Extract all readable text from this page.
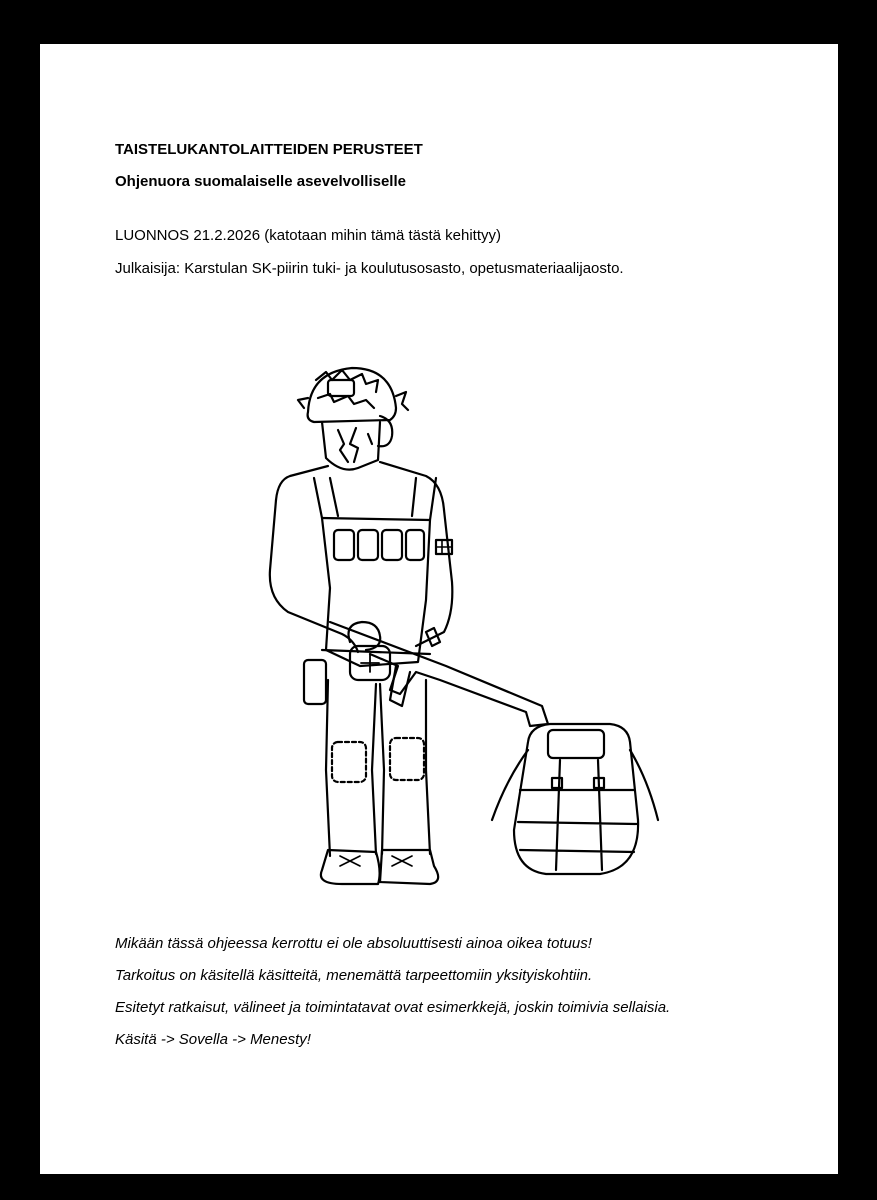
TAISTELUKANTOLAITTEIDEN PERUSTEET
Ohjenuora suomalaiselle asevelvolliselle
LUONNOS 21.2.2026 (katotaan mihin tämä tästä kehittyy)
Julkaisija: Karstulan SK-piirin tuki- ja koulutusosasto, opetusmateriaalijaosto.
Mikään tässä ohjeessa kerrottu ei ole absoluuttisesti ainoa oikea totuus!
Tarkoitus on käsitellä käsitteitä, menemättä tarpeettomiin yksityiskohtiin.
Esitetyt ratkaisut, välineet ja toimintatavat ovat esimerkkejä, joskin toimivia sellaisia.
Käsitä -> Sovella -> Menesty!
